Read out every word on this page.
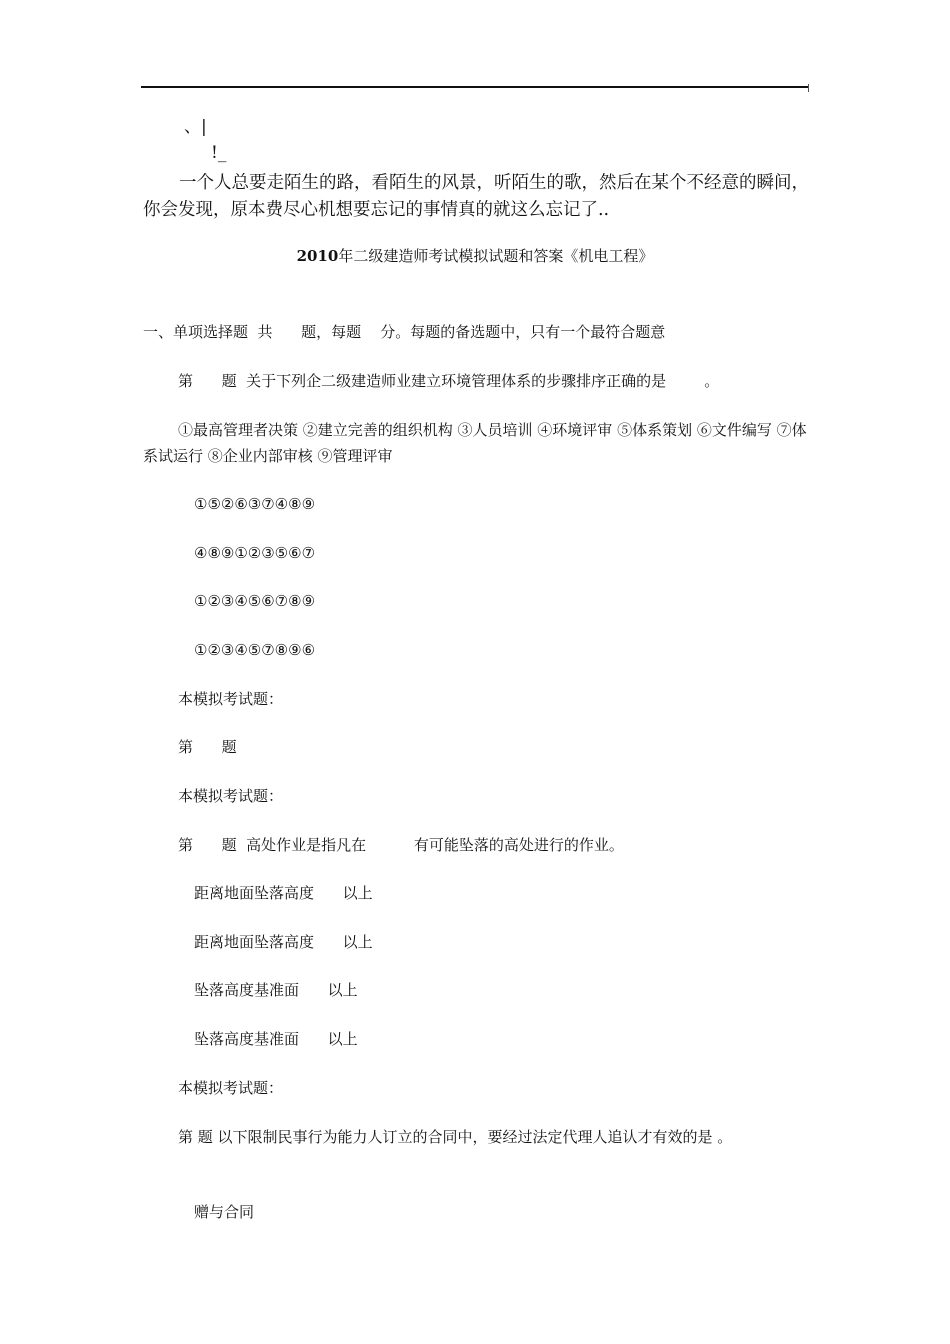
、|
!_
一个人总要走陌生的路，看陌生的风景，听陌生的歌，然后在某个不经意的瞬间，你会发现，原本费尽心机想要忘记的事情真的就这么忘记了..
2010年二级建造师考试模拟试题和答案《机电工程》
一、单项选择题  共      题，每题    分。每题的备选题中，只有一个最符合题意
第      题  关于下列企二级建造师业建立环境管理体系的步骤排序正确的是        。
①最高管理者决策 ②建立完善的组织机构 ③人员培训 ④环境评审 ⑤体系策划 ⑥文件编写 ⑦体系试运行 ⑧企业内部审核 ⑨管理评审
①⑤②⑥③⑦④⑧⑨
④⑧⑨①②③⑤⑥⑦
①②③④⑤⑥⑦⑧⑨
①②③④⑤⑦⑧⑨⑥
本模拟考试题：
第      题
本模拟考试题：
第      题  高处作业是指凡在          有可能坠落的高处进行的作业。
距离地面坠落高度      以上
距离地面坠落高度      以上
坠落高度基准面      以上
坠落高度基准面      以上
本模拟考试题：
第 题 以下限制民事行为能力人订立的合同中，要经过法定代理人追认才有效的是 。
赠与合同
